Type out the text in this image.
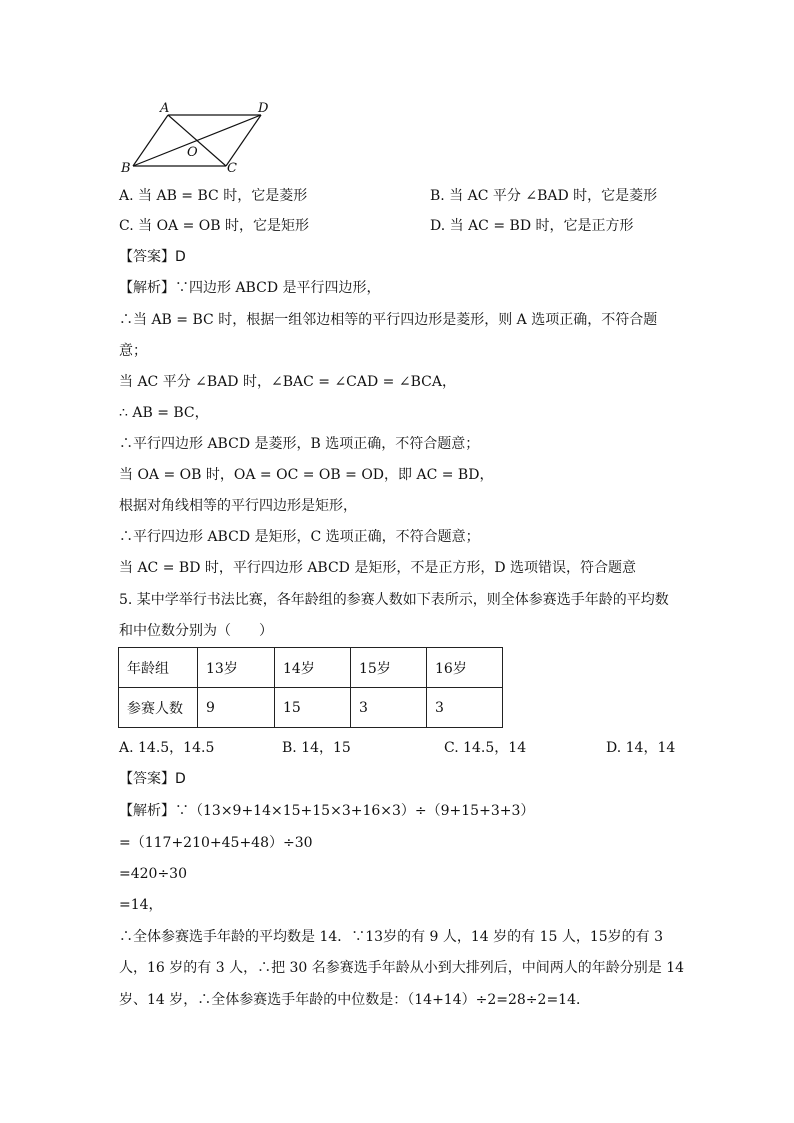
A	D
B
O
C
A. 当 AB = BC 时，它是菱形	B. 当 AC 平分 ∠BAD 时，它是菱形
C. 当 OA = OB 时，它是矩形	D. 当 AC = BD 时，它是正方形
【答案】D
【解析】∵四边形 ABCD 是平行四边形，
∴当 AB = BC 时，根据一组邻边相等的平行四边形是菱形，则 A 选项正确，不符合题
意；
当 AC 平分 ∠BAD 时，∠BAC = ∠CAD = ∠BCA，
∴ AB = BC，
∴平行四边形 ABCD 是菱形，B 选项正确，不符合题意；
当 OA = OB 时，OA = OC = OB = OD，即 AC = BD，
根据对角线相等的平行四边形是矩形，
∴平行四边形 ABCD 是矩形，C 选项正确，不符合题意；
当 AC = BD 时，平行四边形 ABCD 是矩形，不是正方形，D 选项错误，符合题意
5. 某中学举行书法比赛，各年龄组的参赛人数如下表所示，则全体参赛选手年龄的平均数
和中位数分别为（　　）
年龄组	13岁	14岁	15岁	16岁
参赛人数	9	15	3	3
A. 14.5，14.5	B. 14，15	C. 14.5，14	D. 14，14
【答案】D
【解析】∵（13×9+14×15+15×3+16×3）÷（9+15+3+3）
=（117+210+45+48）÷30
=420÷30
=14，
∴全体参赛选手年龄的平均数是 14．∵13岁的有 9 人，14 岁的有 15 人，15岁的有 3
人，16 岁的有 3 人，∴把 30 名参赛选手年龄从小到大排列后，中间两人的年龄分别是 14
岁、14 岁，∴全体参赛选手年龄的中位数是：（14+14）÷2=28÷2=14．
